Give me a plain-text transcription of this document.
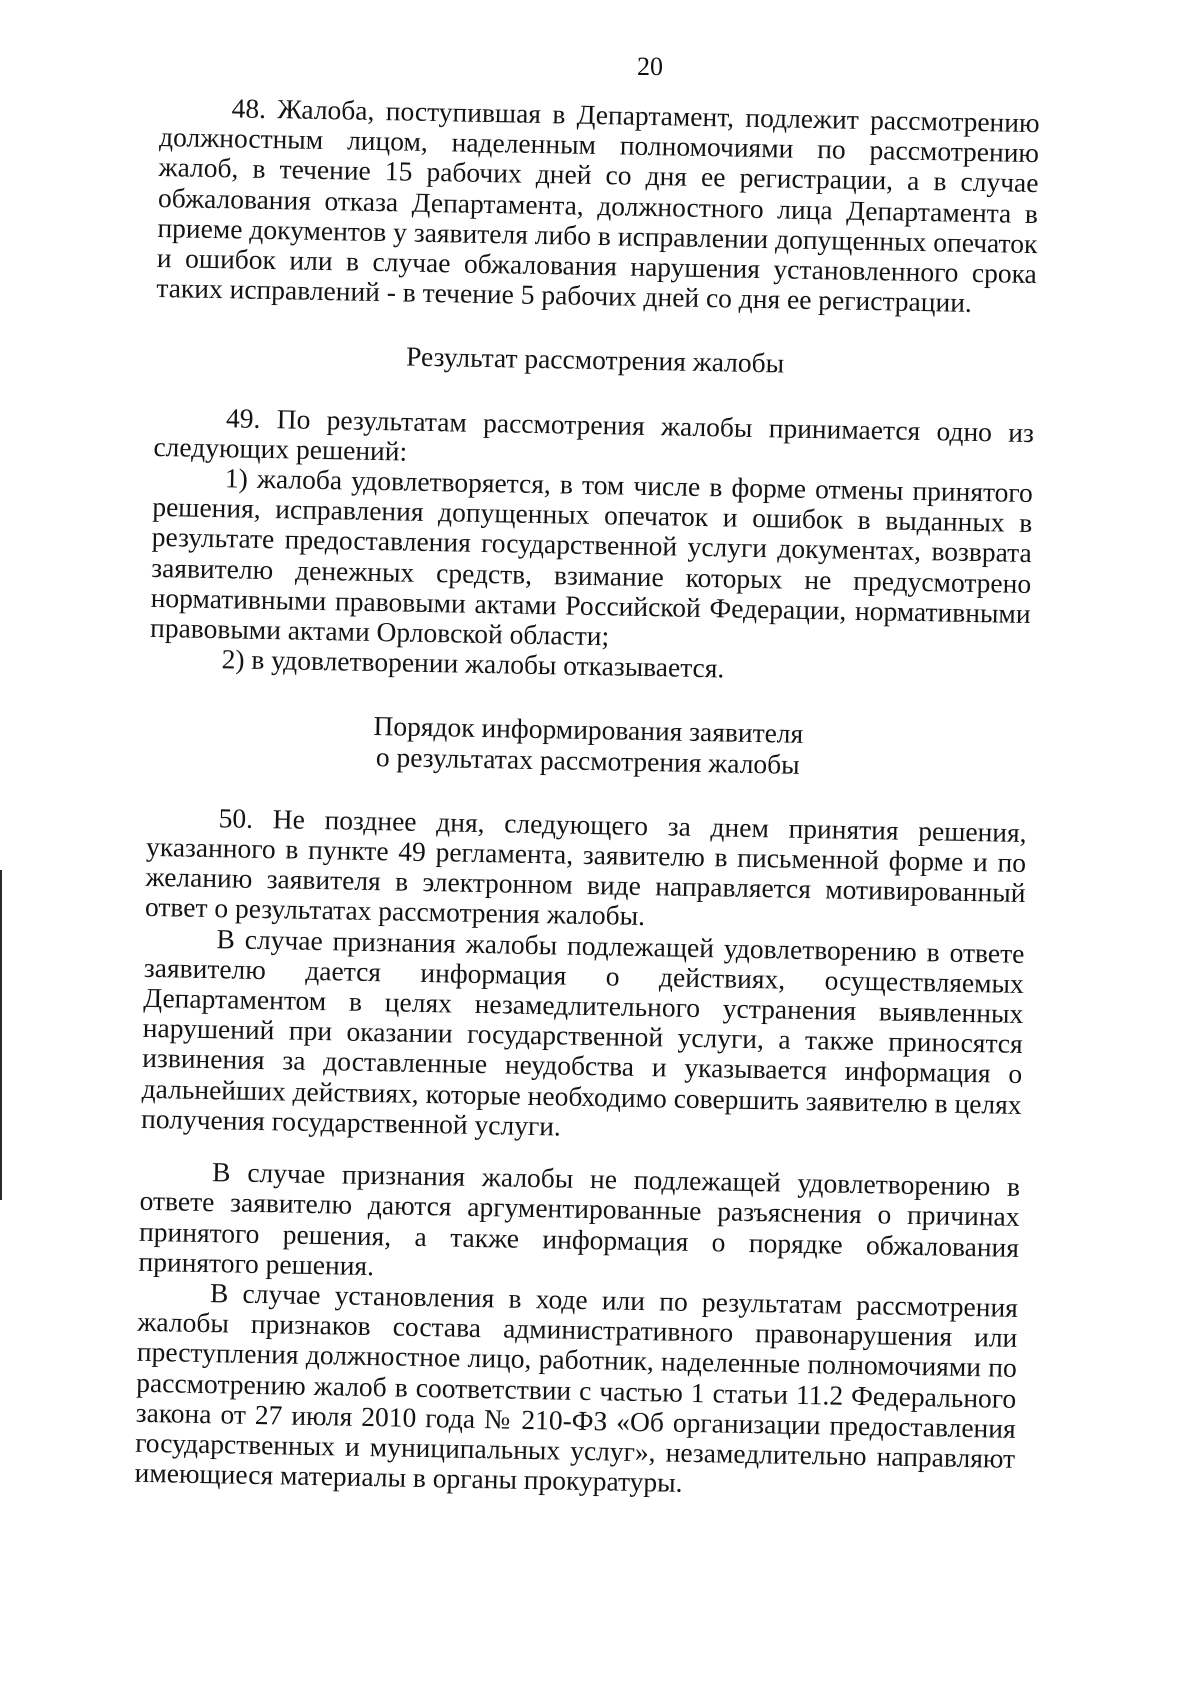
20

48. Жалоба, поступившая в Департамент, подлежит рассмотрению должностным лицом, наделенным полномочиями по рассмотрению жалоб, в течение 15 рабочих дней со дня ее регистрации, а в случае обжалования отказа Департамента, должностного лица Департамента в приеме документов у заявителя либо в исправлении допущенных опечаток и ошибок или в случае обжалования нарушения установленного срока таких исправлений - в течение 5 рабочих дней со дня ее регистрации.

Результат рассмотрения жалобы

49. По результатам рассмотрения жалобы принимается одно из следующих решений:

1) жалоба удовлетворяется, в том числе в форме отмены принятого решения, исправления допущенных опечаток и ошибок в выданных в результате предоставления государственной услуги документах, возврата заявителю денежных средств, взимание которых не предусмотрено нормативными правовыми актами Российской Федерации, нормативными правовыми актами Орловской области;

2) в удовлетворении жалобы отказывается.

Порядок информирования заявителя

о результатах рассмотрения жалобы

50. Не позднее дня, следующего за днем принятия решения, указанного в пункте 49 регламента, заявителю в письменной форме и по желанию заявителя в электронном виде направляется мотивированный ответ о результатах рассмотрения жалобы.

В случае признания жалобы подлежащей удовлетворению в ответе заявителю дается информация о действиях, осуществляемых Департаментом в целях незамедлительного устранения выявленных нарушений при оказании государственной услуги, а также приносятся извинения за доставленные неудобства и указывается информация о дальнейших действиях, которые необходимо совершить заявителю в целях получения государственной услуги.

В случае признания жалобы не подлежащей удовлетворению в ответе заявителю даются аргументированные разъяснения о причинах принятого решения, а также информация о порядке обжалования принятого решения.

В случае установления в ходе или по результатам рассмотрения жалобы признаков состава административного правонарушения или преступления должностное лицо, работник, наделенные полномочиями по рассмотрению жалоб в соответствии с частью 1 статьи 11.2 Федерального закона от 27 июля 2010 года № 210-ФЗ «Об организации предоставления государственных и муниципальных услуг», незамедлительно направляют имеющиеся материалы в органы прокуратуры.
